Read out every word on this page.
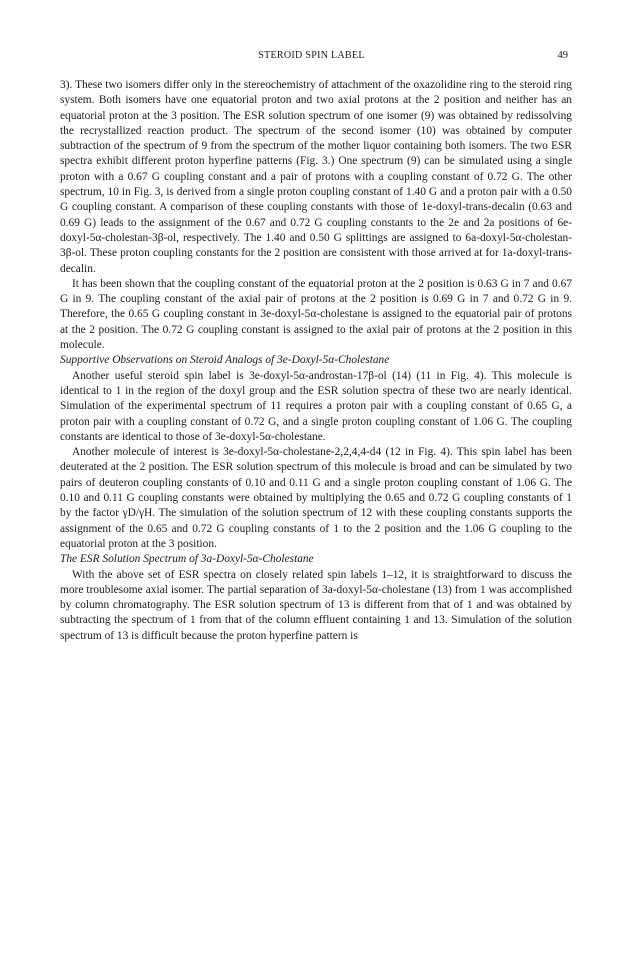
STEROID SPIN LABEL	49

3). These two isomers differ only in the stereochemistry of attachment of the oxazolidine ring to the steroid ring system. Both isomers have one equatorial proton and two axial protons at the 2 position and neither has an equatorial proton at the 3 position. The ESR solution spectrum of one isomer (9) was obtained by redissolving the recrystallized reaction product. The spectrum of the second isomer (10) was obtained by computer subtraction of the spectrum of 9 from the spectrum of the mother liquor containing both isomers. The two ESR spectra exhibit different proton hyperfine patterns (Fig. 3.) One spectrum (9) can be simulated using a single proton with a 0.67 G coupling constant and a pair of protons with a coupling constant of 0.72 G. The other spectrum, 10 in Fig. 3, is derived from a single proton coupling constant of 1.40 G and a proton pair with a 0.50 G coupling constant. A comparison of these coupling constants with those of 1e-doxyl-trans-decalin (0.63 and 0.69 G) leads to the assignment of the 0.67 and 0.72 G coupling constants to the 2e and 2a positions of 6e-doxyl-5α-cholestan-3β-ol, respectively. The 1.40 and 0.50 G splittings are assigned to 6a-doxyl-5α-cholestan-3β-ol. These proton coupling constants for the 2 position are consistent with those arrived at for 1a-doxyl-trans-decalin.

It has been shown that the coupling constant of the equatorial proton at the 2 position is 0.63 G in 7 and 0.67 G in 9. The coupling constant of the axial pair of protons at the 2 position is 0.69 G in 7 and 0.72 G in 9. Therefore, the 0.65 G coupling constant in 3e-doxyl-5α-cholestane is assigned to the equatorial pair of protons at the 2 position. The 0.72 G coupling constant is assigned to the axial pair of protons at the 2 position in this molecule.

Supportive Observations on Steroid Analogs of 3e-Doxyl-5α-Cholestane

Another useful steroid spin label is 3e-doxyl-5α-androstan-17β-ol (14) (11 in Fig. 4). This molecule is identical to 1 in the region of the doxyl group and the ESR solution spectra of these two are nearly identical. Simulation of the experimental spectrum of 11 requires a proton pair with a coupling constant of 0.65 G, a proton pair with a coupling constant of 0.72 G, and a single proton coupling constant of 1.06 G. The coupling constants are identical to those of 3e-doxyl-5α-cholestane.

Another molecule of interest is 3e-doxyl-5α-cholestane-2,2,4,4-d4 (12 in Fig. 4). This spin label has been deuterated at the 2 position. The ESR solution spectrum of this molecule is broad and can be simulated by two pairs of deuteron coupling constants of 0.10 and 0.11 G and a single proton coupling constant of 1.06 G. The 0.10 and 0.11 G coupling constants were obtained by multiplying the 0.65 and 0.72 G coupling constants of 1 by the factor γD/γH. The simulation of the solution spectrum of 12 with these coupling constants supports the assignment of the 0.65 and 0.72 G coupling constants of 1 to the 2 position and the 1.06 G coupling to the equatorial proton at the 3 position.

The ESR Solution Spectrum of 3a-Doxyl-5α-Cholestane

With the above set of ESR spectra on closely related spin labels 1–12, it is straightforward to discuss the more troublesome axial isomer. The partial separation of 3a-doxyl-5α-cholestane (13) from 1 was accomplished by column chromatography. The ESR solution spectrum of 13 is different from that of 1 and was obtained by subtracting the spectrum of 1 from that of the column effluent containing 1 and 13. Simulation of the solution spectrum of 13 is difficult because the proton hyperfine pattern is
